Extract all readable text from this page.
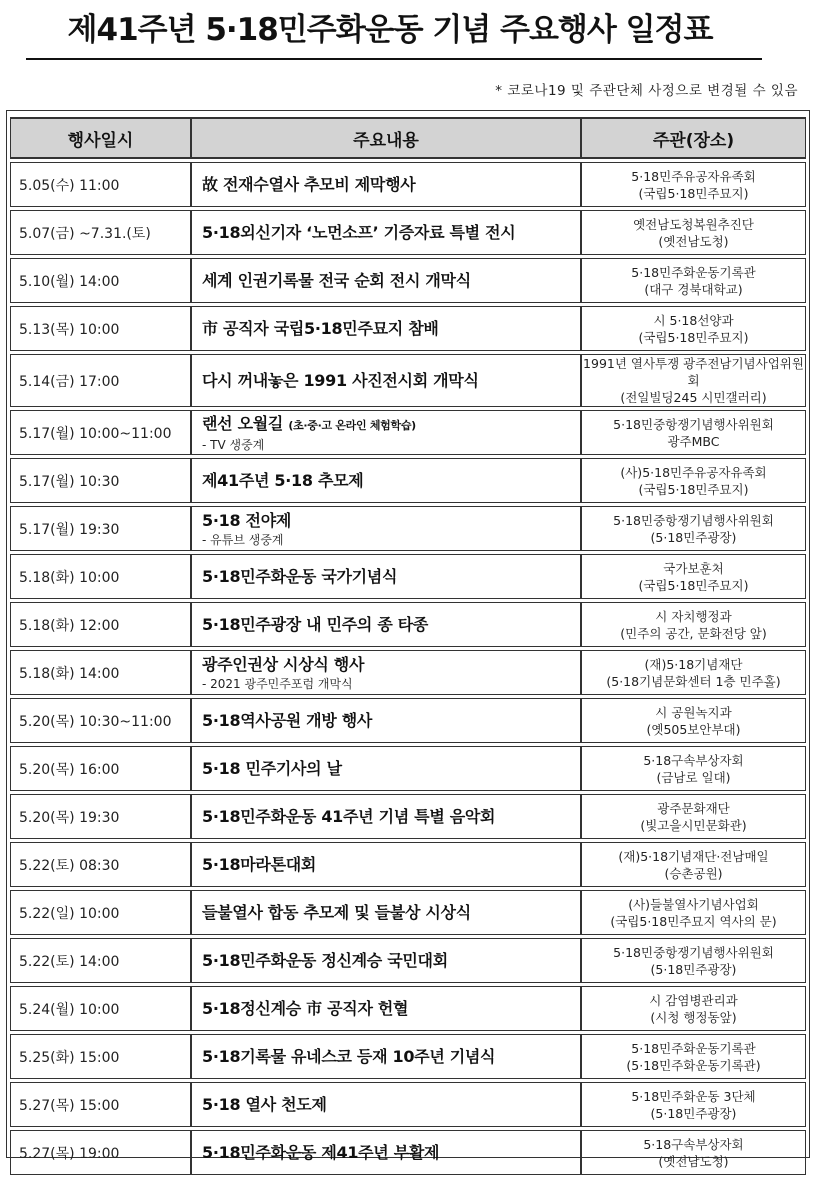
제41주년 5·18민주화운동 기념 주요행사 일정표
* 코로나19 및 주관단체 사정으로 변경될 수 있음
행사일시	주요내용	주관(장소)
5.05(수) 11:00	故 전재수열사 추모비 제막행사	5·18민주유공자유족회
(국립5·18민주묘지)

5.07(금) ~7.31.(토)	5·18외신기자 ‘노먼소프’ 기증자료 특별 전시	옛전남도청복원추진단
(옛전남도청)

5.10(월) 14:00	세계 인권기록물 전국 순회 전시 개막식	5·18민주화운동기록관
(대구 경북대학교)

5.13(목) 10:00	市 공직자 국립5·18민주묘지 참배	시 5·18선양과
(국립5·18민주묘지)

5.14(금) 17:00	다시 꺼내놓은 1991 사진전시회 개막식	1991년 열사투쟁 광주전남기념사업위원회
(전일빌딩245 시민갤러리)

5.17(월) 10:00~11:00	랜선 오월길 (초·중·고 온라인 체험학습)
- TV 생중계	5·18민중항쟁기념행사위원회
광주MBC

5.17(월) 10:30	제41주년 5·18 추모제	(사)5·18민주유공자유족회
(국립5·18민주묘지)

5.17(월) 19:30	5·18 전야제
- 유튜브 생중계	5·18민중항쟁기념행사위원회
(5·18민주광장)

5.18(화) 10:00	5·18민주화운동 국가기념식	국가보훈처
(국립5·18민주묘지)

5.18(화) 12:00	5·18민주광장 내 민주의 종 타종	시 자치행정과
(민주의 공간, 문화전당 앞)

5.18(화) 14:00	광주인권상 시상식 행사
- 2021 광주민주포럼 개막식	(재)5·18기념재단
(5·18기념문화센터 1층 민주홀)

5.20(목) 10:30~11:00	5·18역사공원 개방 행사	시 공원녹지과
(옛505보안부대)

5.20(목) 16:00	5·18 민주기사의 날	5·18구속부상자회
(금남로 일대)

5.20(목) 19:30	5·18민주화운동 41주년 기념 특별 음악회	광주문화재단
(빛고을시민문화관)

5.22(토) 08:30	5·18마라톤대회	(재)5·18기념재단·전남매일
(승촌공원)

5.22(일) 10:00	들불열사 합동 추모제 및 들불상 시상식	(사)들불열사기념사업회
(국립5·18민주묘지 역사의 문)

5.22(토) 14:00	5·18민주화운동 정신계승 국민대회	5·18민중항쟁기념행사위원회
(5·18민주광장)

5.24(월) 10:00	5·18정신계승 市 공직자 헌혈	시 감염병관리과
(시청 행정동앞)

5.25(화) 15:00	5·18기록물 유네스코 등재 10주년 기념식	5·18민주화운동기록관
(5·18민주화운동기록관)

5.27(목) 15:00	5·18 열사 천도제	5·18민주화운동 3단체
(5·18민주광장)

5.27(목) 19:00	5·18민주화운동 제41주년 부활제	5·18구속부상자회
(옛전남도청)
